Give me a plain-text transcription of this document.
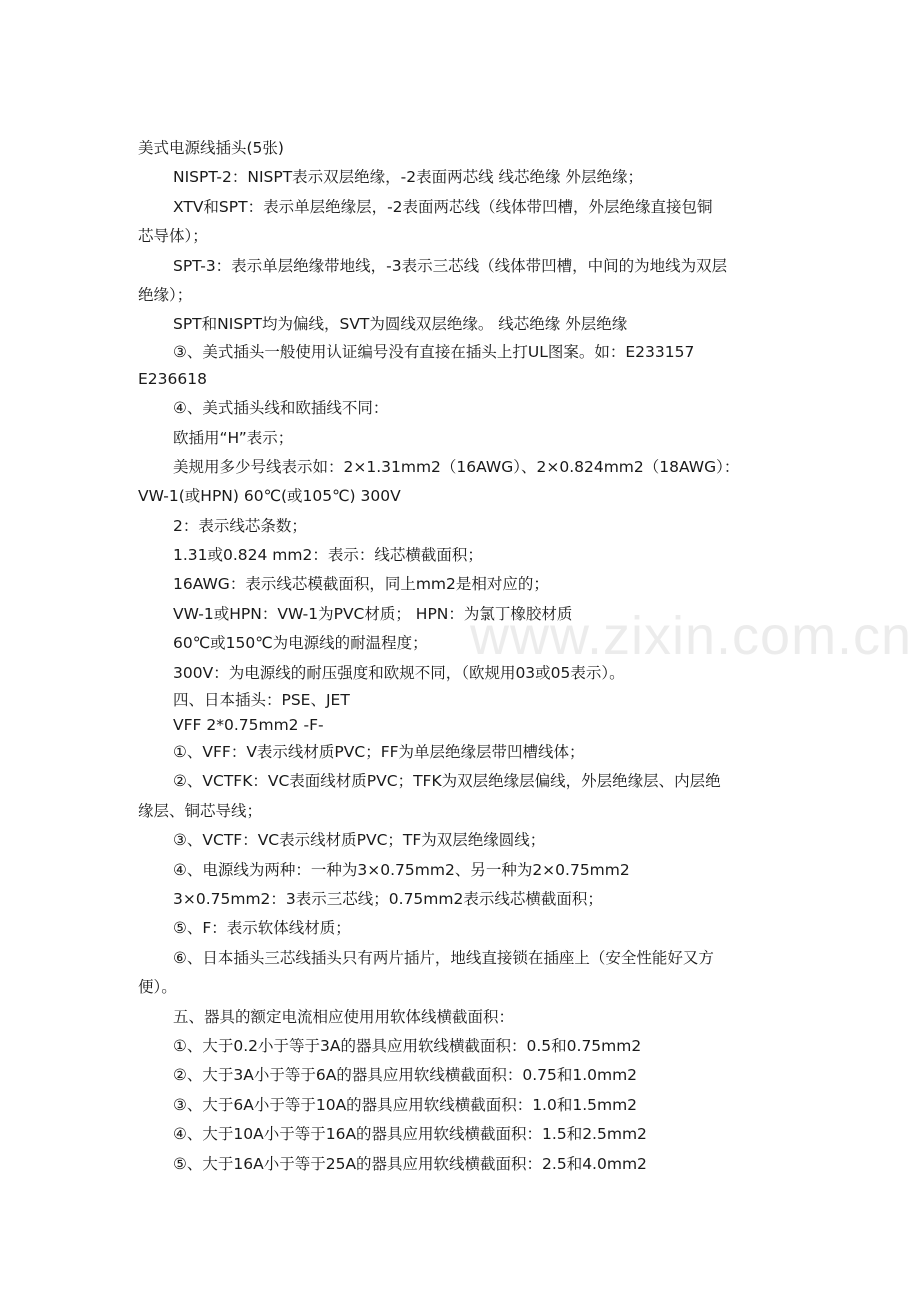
www.zixin.com.cn
美式电源线插头(5张)
NISPT-2：NISPT表示双层绝缘，-2表面两芯线 线芯绝缘 外层绝缘；
XTV和SPT：表示单层绝缘层，-2表面两芯线（线体带凹槽，外层绝缘直接包铜
芯导体）；
SPT-3：表示单层绝缘带地线，-3表示三芯线（线体带凹槽，中间的为地线为双层
绝缘）；
SPT和NISPT均为偏线，SVT为圆线双层绝缘。 线芯绝缘 外层绝缘
③、美式插头一般使用认证编号没有直接在插头上打UL图案。如：E233157
E236618
④、美式插头线和欧插线不同：
欧插用“H”表示；
美规用多少号线表示如：2×1.31mm2（16AWG）、2×0.824mm2（18AWG）：
VW-1(或HPN) 60℃(或105℃) 300V
2：表示线芯条数；
1.31或0.824 mm2：表示：线芯横截面积；
16AWG：表示线芯模截面积，同上mm2是相对应的；
VW-1或HPN：VW-1为PVC材质； HPN：为氯丁橡胶材质
60℃或150℃为电源线的耐温程度；
300V：为电源线的耐压强度和欧规不同，（欧规用03或05表示）。
四、日本插头：PSE、JET
VFF 2*0.75mm2 -F-
①、VFF：V表示线材质PVC；FF为单层绝缘层带凹槽线体；
②、VCTFK：VC表面线材质PVC；TFK为双层绝缘层偏线，外层绝缘层、内层绝
缘层、铜芯导线；
③、VCTF：VC表示线材质PVC；TF为双层绝缘圆线；
④、电源线为两种：一种为3×0.75mm2、另一种为2×0.75mm2
3×0.75mm2：3表示三芯线；0.75mm2表示线芯横截面积；
⑤、F：表示软体线材质；
⑥、日本插头三芯线插头只有两片插片，地线直接锁在插座上（安全性能好又方
便）。
五、器具的额定电流相应使用用软体线横截面积：
①、大于0.2小于等于3A的器具应用软线横截面积：0.5和0.75mm2
②、大于3A小于等于6A的器具应用软线横截面积：0.75和1.0mm2
③、大于6A小于等于10A的器具应用软线横截面积：1.0和1.5mm2
④、大于10A小于等于16A的器具应用软线横截面积：1.5和2.5mm2
⑤、大于16A小于等于25A的器具应用软线横截面积：2.5和4.0mm2
